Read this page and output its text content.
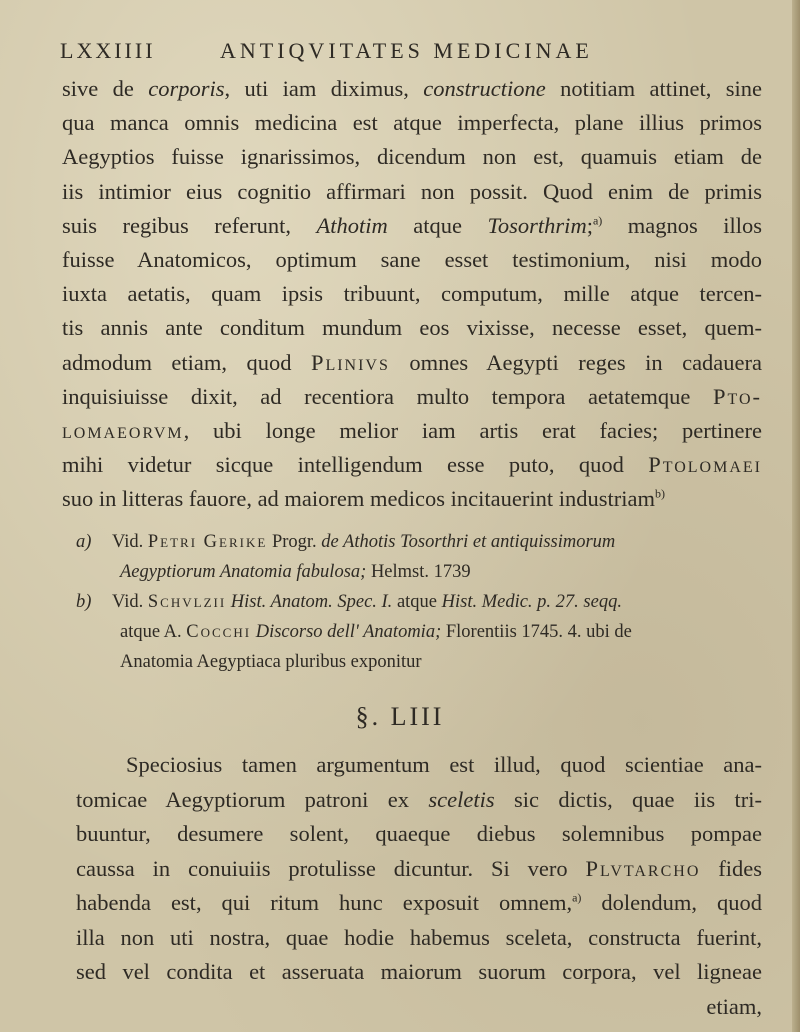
LXXIIII	ANTIQVITATES MEDICINAE
sive de corporis, uti iam diximus, constructione notitiam attinet, sine
qua manca omnis medicina est atque imperfecta, plane illius primos
Aegyptios fuisse ignarissimos, dicendum non est, quamuis etiam de
iis intimior eius cognitio affirmari non possit. Quod enim de primis
suis regibus referunt, Athotim atque Tosorthrim;$^{a)}$ magnos illos
fuisse Anatomicos, optimum sane esset testimonium, nisi modo
iuxta aetatis, quam ipsis tribuunt, computum, mille atque tercen-
tis annis ante conditum mundum eos vixisse, necesse esset, quem-
admodum etiam, quod Plinivs omnes Aegypti reges in cadauera
inquisiuisse dixit, ad recentiora multo tempora aetatemque Pto-
lomaeorvm, ubi longe melior iam artis erat facies; pertinere
mihi videtur sicque intelligendum esse puto, quod Ptolomaei
suo in litteras fauore, ad maiorem medicos incitauerint industriam$^{b)}$
a) Vid. Petri Gerike Progr. de Athotis Tosorthri et antiquissimorum
Aegyptiorum Anatomia fabulosa; Helmst. 1739
b) Vid. Schvlzii Hist. Anatom. Spec. I. atque Hist. Medic. p. 27. seqq.
atque A. Cocchi Discorso dell' Anatomia; Florentiis 1745. 4. ubi de
Anatomia Aegyptiaca pluribus exponitur
§. LIII
Speciosius tamen argumentum est illud, quod scientiae ana-
tomicae Aegyptiorum patroni ex sceletis sic dictis, quae iis tri-
buuntur, desumere solent, quaeque diebus solemnibus pompae
caussa in conuiuiis protulisse dicuntur. Si vero Plvtarcho fides
habenda est, qui ritum hunc exposuit omnem,$^{a)}$ dolendum, quod
illa non uti nostra, quae hodie habemus sceleta, constructa fuerint,
sed vel condita et asseruata maiorum suorum corpora, vel ligneae
etiam,
